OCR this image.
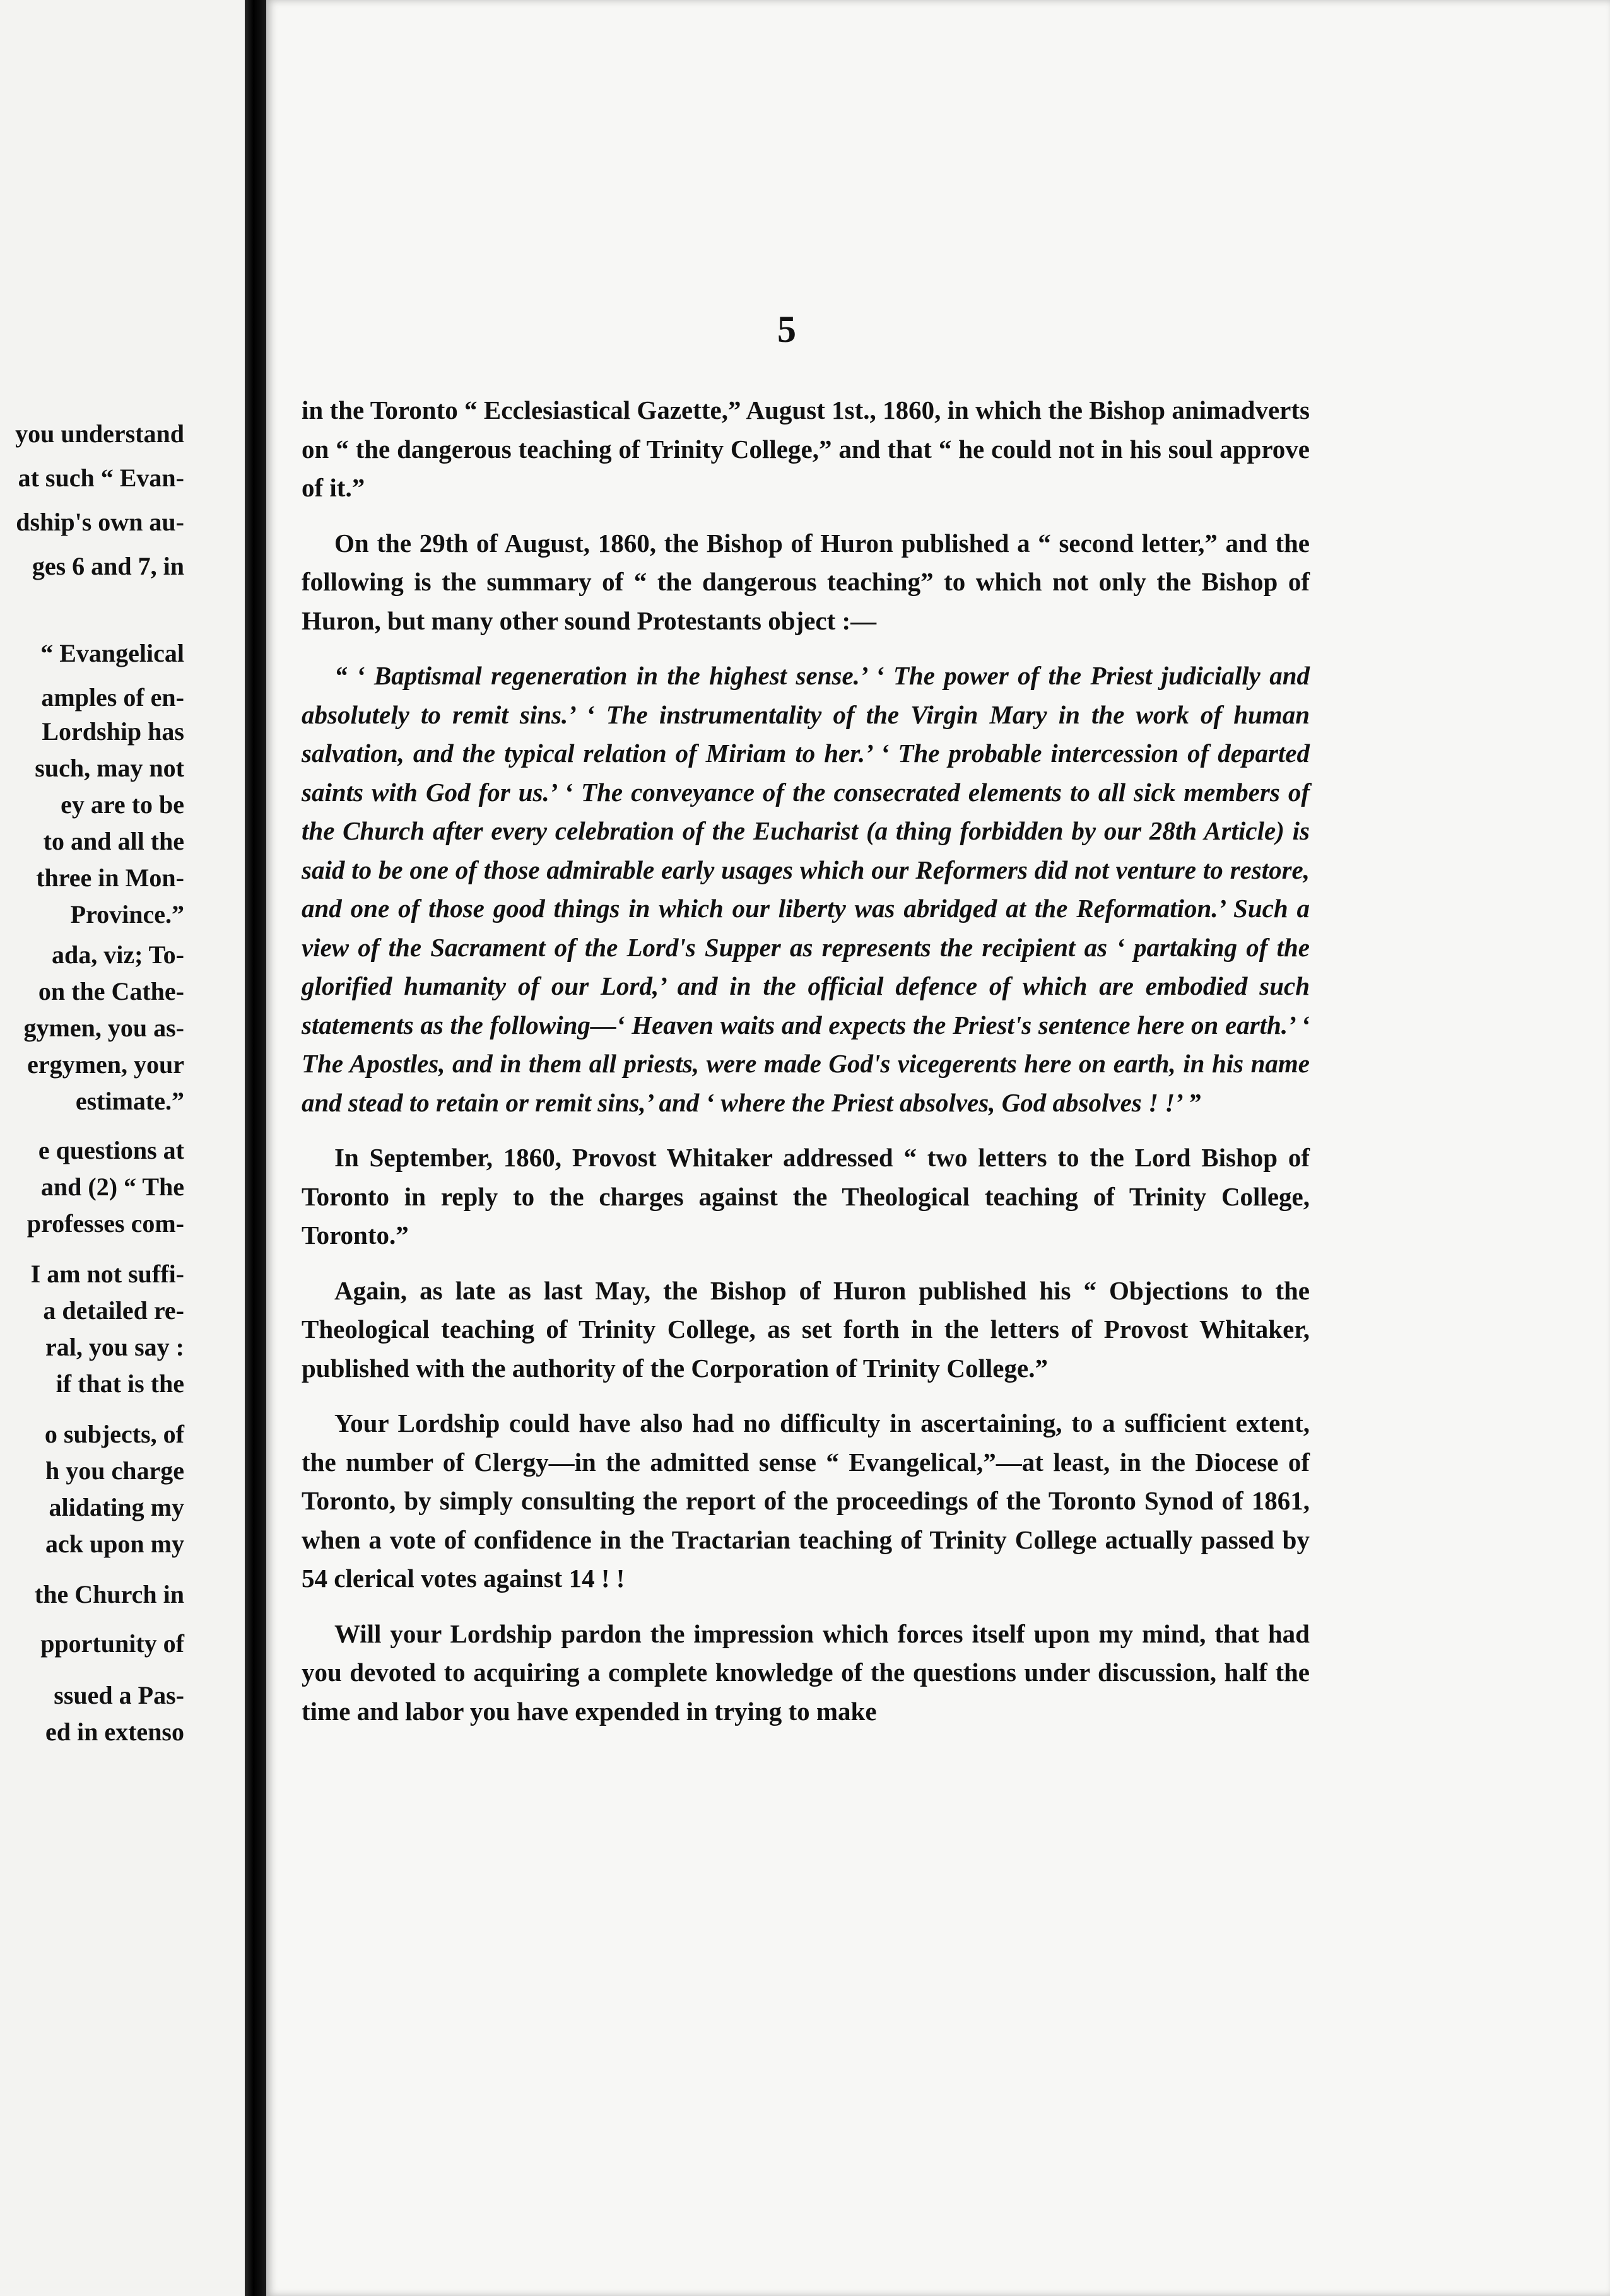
you understand
at such “ Evan-
dship's own au-
ges 6 and 7, in
“ Evangelical
amples of en-
Lordship has
such, may not
ey are to be
to and all the
three in Mon-
Province.”
ada, viz; To-
on the Cathe-
gymen, you as-
ergymen, your
estimate.”
e questions at
and (2) “ The
professes com-
I am not suffi-
a detailed re-
ral, you say :
if that is the
o subjects, of
h you charge
alidating my
ack upon my
the Church in
pportunity of
ssued a Pas-
ed in extenso
5

in the Toronto “ Ecclesiastical Gazette,” August 1st., 1860, in which the Bishop animadverts on “ the dangerous teaching of Trinity College,” and that “ he could not in his soul approve of it.”

On the 29th of August, 1860, the Bishop of Huron published a “ second letter,” and the following is the summary of “ the dangerous teaching” to which not only the Bishop of Huron, but many other sound Protestants object :—

“ ‘ Baptismal regeneration in the highest sense.’ ‘ The power of the Priest judicially and absolutely to remit sins.’ ‘ The instrumentality of the Virgin Mary in the work of human salvation, and the typical relation of Miriam to her.’ ‘ The probable intercession of departed saints with God for us.’ ‘ The conveyance of the consecrated elements to all sick members of the Church after every celebration of the Eucharist (a thing forbidden by our 28th Article) is said to be one of those admirable early usages which our Reformers did not venture to restore, and one of those good things in which our liberty was abridged at the Reformation.’ Such a view of the Sacrament of the Lord's Supper as represents the recipient as ‘ partaking of the glorified humanity of our Lord,’ and in the official defence of which are embodied such statements as the following—‘ Heaven waits and expects the Priest's sentence here on earth.’ ‘ The Apostles, and in them all priests, were made God's vicegerents here on earth, in his name and stead to retain or remit sins,’ and ‘ where the Priest absolves, God absolves ! !’ ”

In September, 1860, Provost Whitaker addressed “ two letters to the Lord Bishop of Toronto in reply to the charges against the Theological teaching of Trinity College, Toronto.”

Again, as late as last May, the Bishop of Huron published his “ Objections to the Theological teaching of Trinity College, as set forth in the letters of Provost Whitaker, published with the authority of the Corporation of Trinity College.”

Your Lordship could have also had no difficulty in ascertaining, to a sufficient extent, the number of Clergy—in the admitted sense “ Evangelical,”—at least, in the Diocese of Toronto, by simply consulting the report of the proceedings of the Toronto Synod of 1861, when a vote of confidence in the Tractarian teaching of Trinity College actually passed by 54 clerical votes against 14 ! !

Will your Lordship pardon the impression which forces itself upon my mind, that had you devoted to acquiring a complete knowledge of the questions under discussion, half the time and labor you have expended in trying to make
